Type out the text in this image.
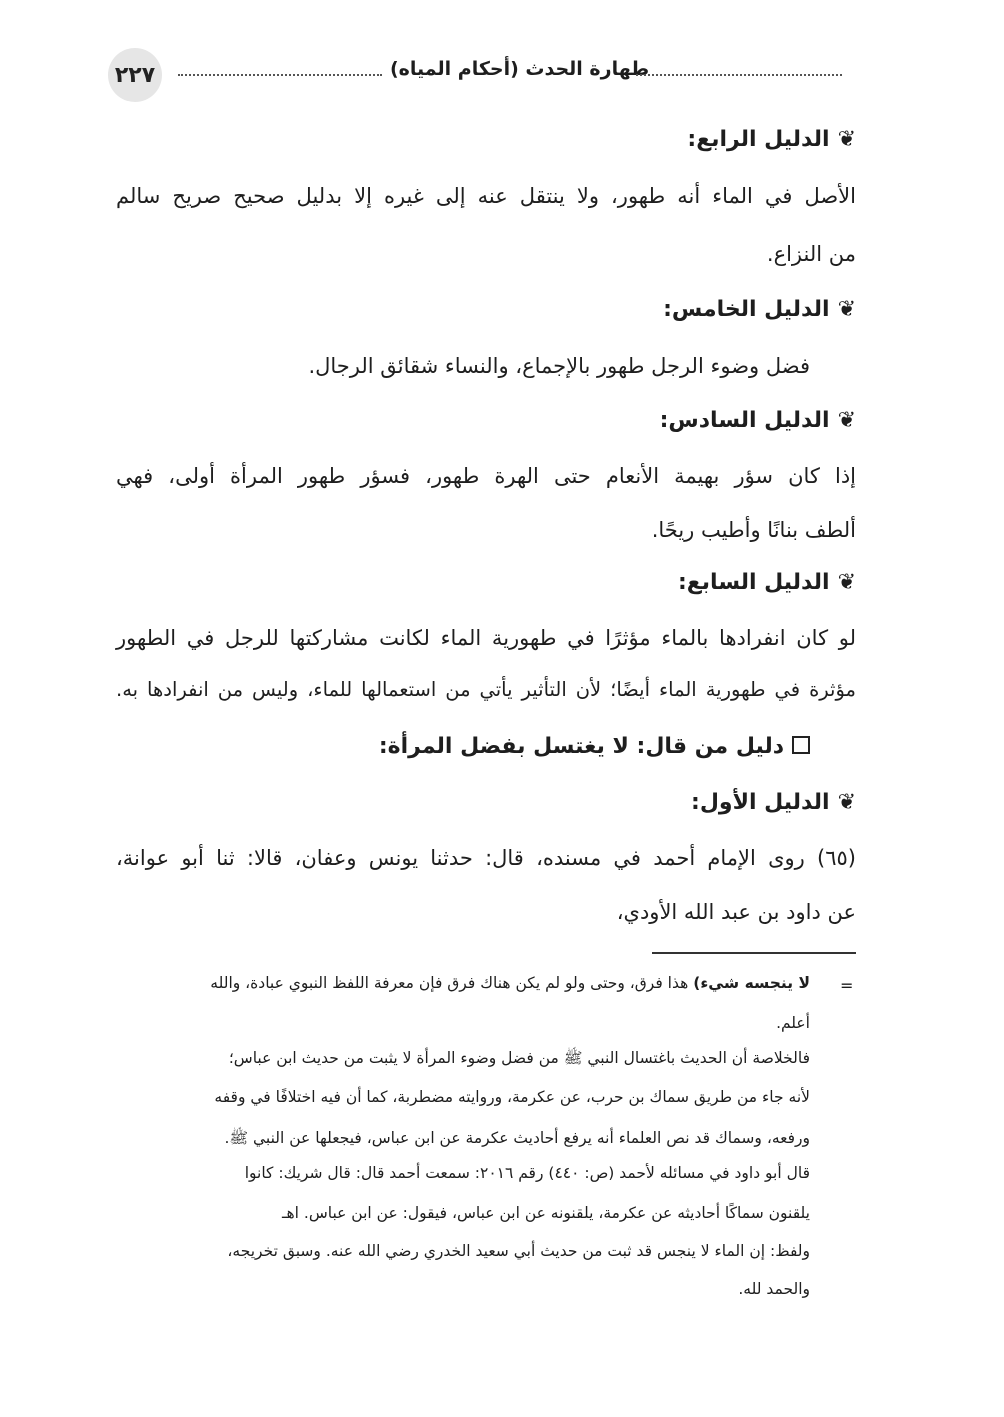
٢٢٧	طهارة الحدث (أحكام المياه)
❦الدليل الرابع:
الأصل في الماء أنه طهور، ولا ينتقل عنه إلى غيره إلا بدليل صحيح صريح سالم
من النزاع.
❦الدليل الخامس:
فضل وضوء الرجل طهور بالإجماع، والنساء شقائق الرجال.
❦الدليل السادس:
إذا كان سؤر بهيمة الأنعام حتى الهرة طهور، فسؤر طهور المرأة أولى، فهي
ألطف بنانًا وأطيب ريحًا.
❦الدليل السابع:
لو كان انفرادها بالماء مؤثرًا في طهورية الماء لكانت مشاركتها للرجل في الطهور
مؤثرة في طهورية الماء أيضًا؛ لأن التأثير يأتي من استعمالها للماء، وليس من انفرادها به.
دليل من قال: لا يغتسل بفضل المرأة:
❦الدليل الأول:
(٦٥) روى الإمام أحمد في مسنده، قال: حدثنا يونس وعفان، قالا: ثنا أبو عوانة،
عن داود بن عبد الله الأودي،
=
لا ينجسه شيء) هذا فرق، وحتى ولو لم يكن هناك فرق فإن معرفة اللفظ النبوي عبادة، والله
أعلم.
فالخلاصة أن الحديث باغتسال النبي ﷺ من فضل وضوء المرأة لا يثبت من حديث ابن عباس؛
لأنه جاء من طريق سماك بن حرب، عن عكرمة، وروايته مضطربة، كما أن فيه اختلافًا في وقفه
ورفعه، وسماك قد نص العلماء أنه يرفع أحاديث عكرمة عن ابن عباس، فيجعلها عن النبي ﷺ.
قال أبو داود في مسائله لأحمد (ص: ٤٤٠) رقم ٢٠١٦: سمعت أحمد قال: قال شريك: كانوا
يلقنون سماكًا أحاديثه عن عكرمة، يلقنونه عن ابن عباس، فيقول: عن ابن عباس. اهـ
ولفظ: إن الماء لا ينجس قد ثبت من حديث أبي سعيد الخدري رضي الله عنه. وسبق تخريجه،
والحمد لله.
